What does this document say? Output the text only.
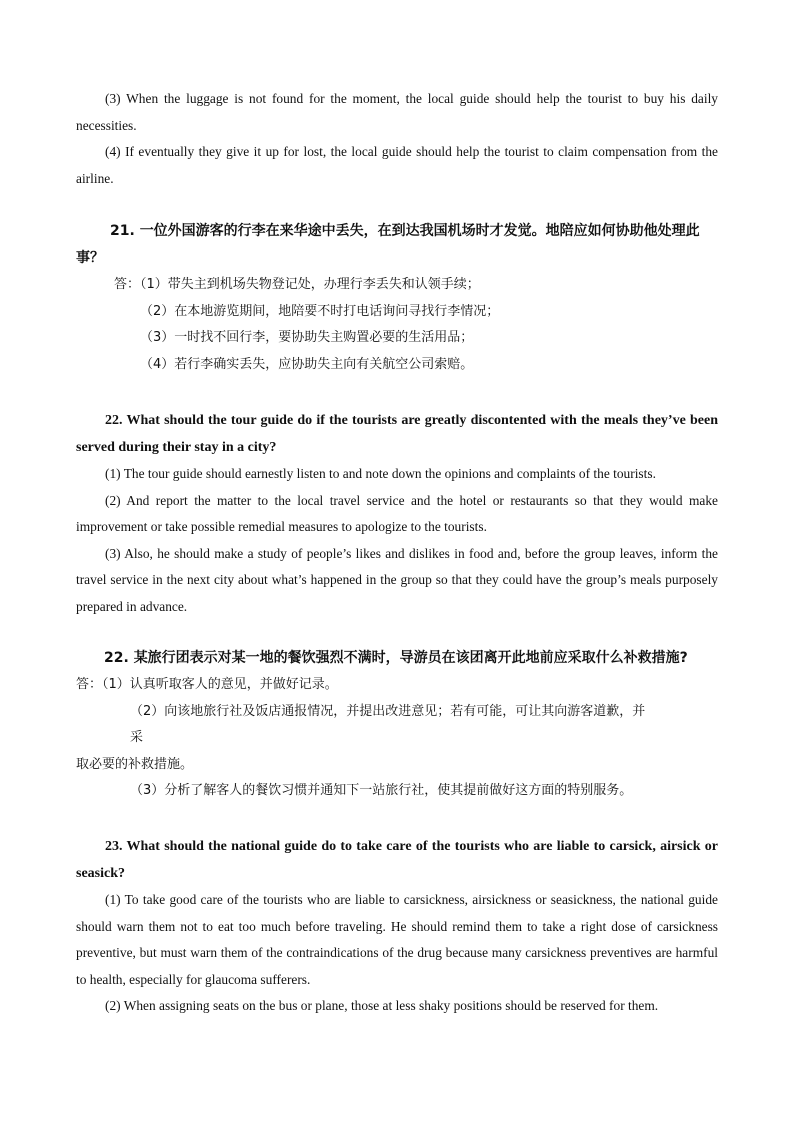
(3) When the luggage is not found for the moment, the local guide should help the tourist to buy his daily necessities.

(4) If eventually they give it up for lost, the local guide should help the tourist to claim compensation from the airline.

21. 一位外国游客的行李在来华途中丢失，在到达我国机场时才发觉。地陪应如何协助他处理此事？

答：（1）带失主到机场失物登记处，办理行李丢失和认领手续；

（2）在本地游览期间，地陪要不时打电话询问寻找行李情况；

（3）一时找不回行李，要协助失主购置必要的生活用品；

（4）若行李确实丢失，应协助失主向有关航空公司索赔。

22. What should the tour guide do if the tourists are greatly discontented with the meals they’ve been served during their stay in a city?

(1) The tour guide should earnestly listen to and note down the opinions and complaints of the tourists.

(2) And report the matter to the local travel service and the hotel or restaurants so that they would make improvement or take possible remedial measures to apologize to the tourists.

(3) Also, he should make a study of people’s likes and dislikes in food and, before the group leaves, inform the travel service in the next city about what’s happened in the group so that they could have the group’s meals purposely prepared in advance.

22. 某旅行团表示对某一地的餐饮强烈不满时，导游员在该团离开此地前应采取什么补救措施?

答：（1）认真听取客人的意见，并做好记录。

（2）向该地旅行社及饭店通报情况，并提出改进意见；若有可能，可让其向游客道歉，并

采

取必要的补救措施。

（3）分析了解客人的餐饮习惯并通知下一站旅行社，使其提前做好这方面的特别服务。

23. What should the national guide do to take care of the tourists who are liable to carsick, airsick or seasick?

(1) To take good care of the tourists who are liable to carsickness, airsickness or seasickness, the national guide should warn them not to eat too much before traveling. He should remind them to take a right dose of carsickness preventive, but must warn them of the contraindications of the drug because many carsickness preventives are harmful to health, especially for glaucoma sufferers.

(2) When assigning seats on the bus or plane, those at less shaky positions should be reserved for them.
